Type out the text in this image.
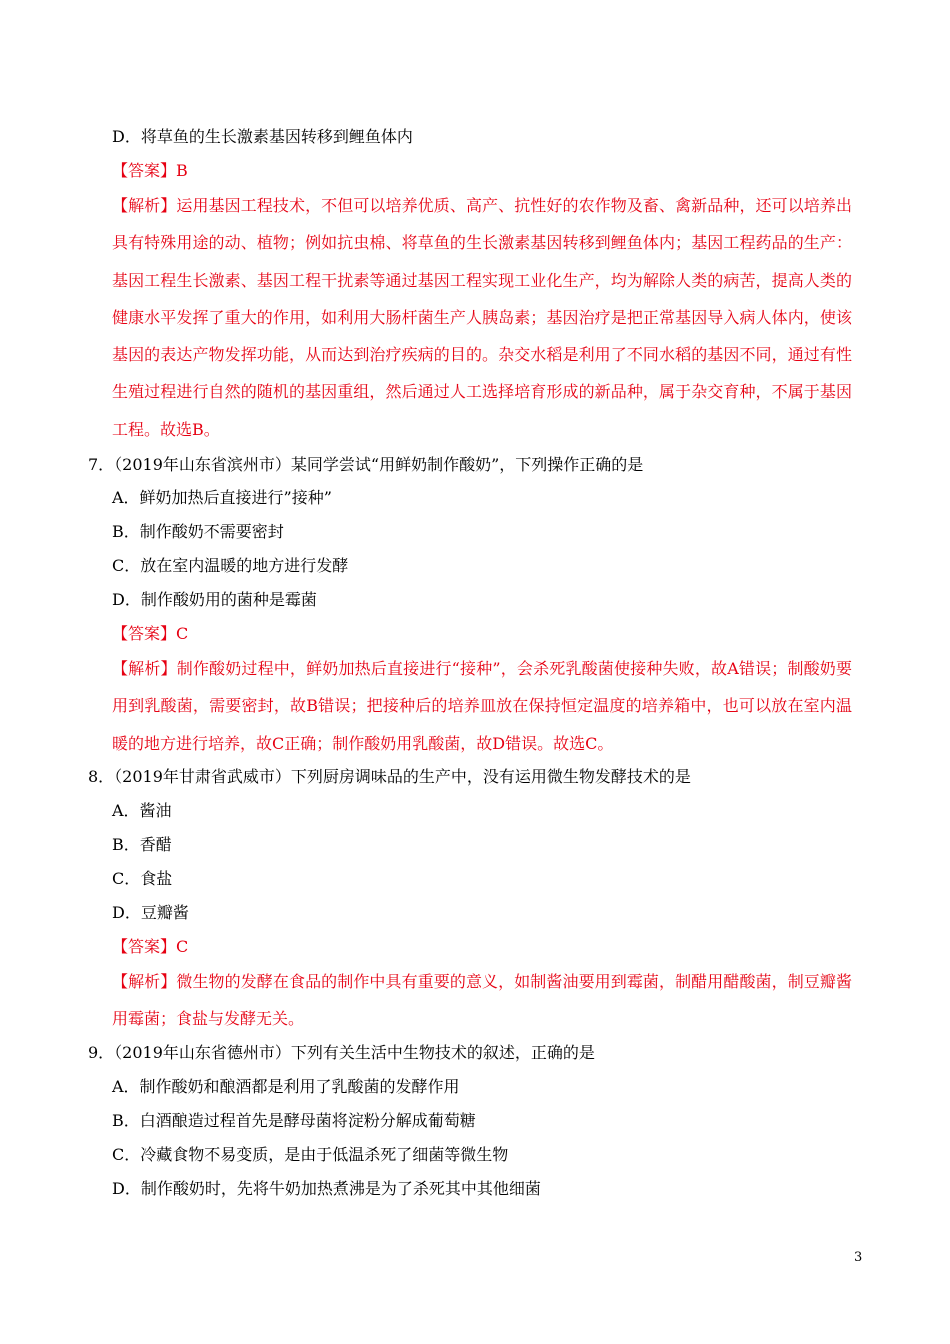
D．将草鱼的生长激素基因转移到鲤鱼体内
【答案】B
【解析】运用基因工程技术，不但可以培养优质、高产、抗性好的农作物及畜、禽新品种，还可以培养出具有特殊用途的动、植物；例如抗虫棉、将草鱼的生长激素基因转移到鲤鱼体内；基因工程药品的生产：基因工程生长激素、基因工程干扰素等通过基因工程实现工业化生产，均为解除人类的病苦，提高人类的健康水平发挥了重大的作用，如利用大肠杆菌生产人胰岛素；基因治疗是把正常基因导入病人体内，使该基因的表达产物发挥功能，从而达到治疗疾病的目的。杂交水稻是利用了不同水稻的基因不同，通过有性生殖过程进行自然的随机的基因重组，然后通过人工选择培育形成的新品种，属于杂交育种，不属于基因工程。故选B。
7．（2019年山东省滨州市）某同学尝试“用鲜奶制作酸奶”，下列操作正确的是
A．鲜奶加热后直接进行”接种”
B．制作酸奶不需要密封
C．放在室内温暖的地方进行发酵
D．制作酸奶用的菌种是霉菌
【答案】C
【解析】制作酸奶过程中，鲜奶加热后直接进行“接种”，会杀死乳酸菌使接种失败，故A错误；制酸奶要用到乳酸菌，需要密封，故B错误；把接种后的培养皿放在保持恒定温度的培养箱中，也可以放在室内温暖的地方进行培养，故C正确；制作酸奶用乳酸菌，故D错误。故选C。
8．（2019年甘肃省武威市）下列厨房调味品的生产中，没有运用微生物发酵技术的是
A．酱油
B．香醋
C．食盐
D．豆瓣酱
【答案】C
【解析】微生物的发酵在食品的制作中具有重要的意义，如制酱油要用到霉菌，制醋用醋酸菌，制豆瓣酱用霉菌；食盐与发酵无关。
9．（2019年山东省德州市）下列有关生活中生物技术的叙述，正确的是
A．制作酸奶和酿酒都是利用了乳酸菌的发酵作用
B．白酒酿造过程首先是酵母菌将淀粉分解成葡萄糖
C．冷藏食物不易变质，是由于低温杀死了细菌等微生物
D．制作酸奶时，先将牛奶加热煮沸是为了杀死其中其他细菌
3
